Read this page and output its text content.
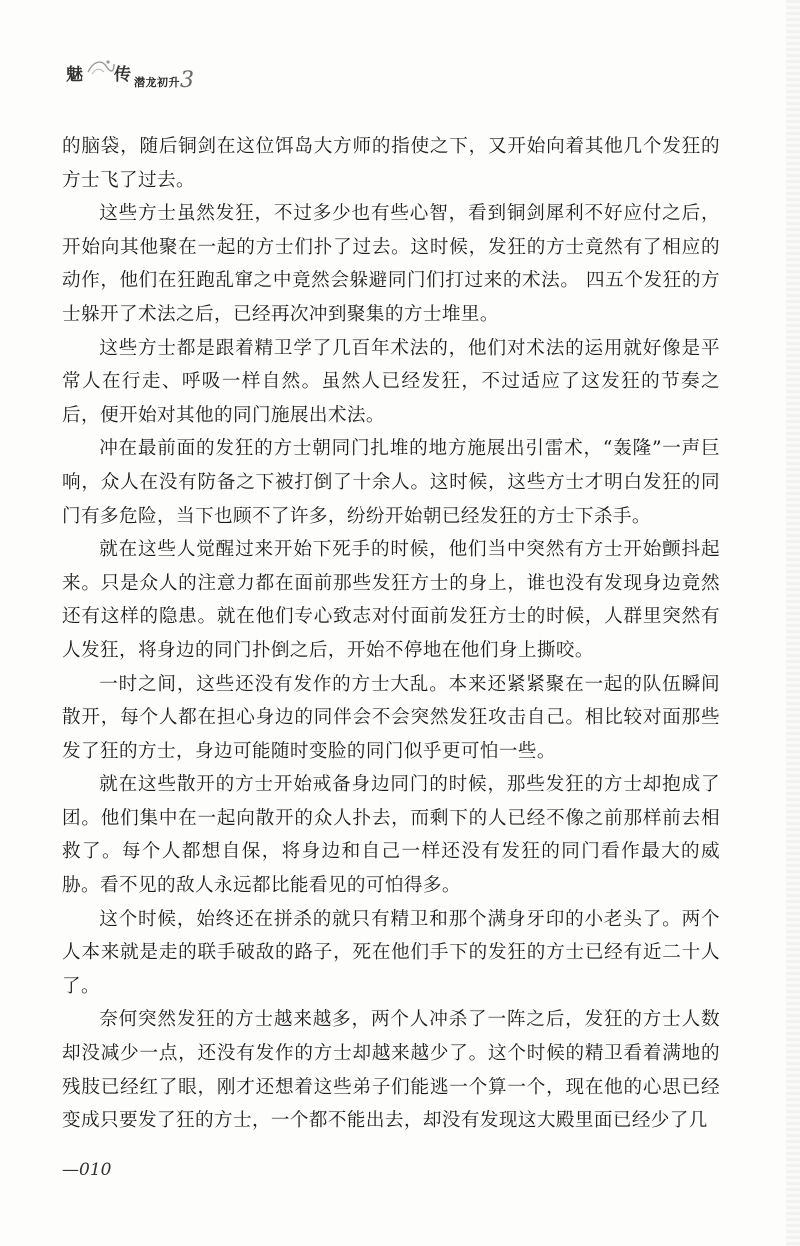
魅 传 潜龙初升 3

的脑袋，随后铜剑在这位饵岛大方师的指使之下，又开始向着其他几个发狂的方士飞了过去。

这些方士虽然发狂，不过多少也有些心智，看到铜剑犀利不好应付之后，开始向其他聚在一起的方士们扑了过去。这时候，发狂的方士竟然有了相应的动作，他们在狂跑乱窜之中竟然会躲避同门们打过来的术法。 四五个发狂的方士躲开了术法之后，已经再次冲到聚集的方士堆里。

这些方士都是跟着精卫学了几百年术法的，他们对术法的运用就好像是平常人在行走、呼吸一样自然。虽然人已经发狂，不过适应了这发狂的节奏之后，便开始对其他的同门施展出术法。

冲在最前面的发狂的方士朝同门扎堆的地方施展出引雷术，“轰隆”一声巨响，众人在没有防备之下被打倒了十余人。这时候，这些方士才明白发狂的同门有多危险，当下也顾不了许多，纷纷开始朝已经发狂的方士下杀手。

就在这些人觉醒过来开始下死手的时候，他们当中突然有方士开始颤抖起来。只是众人的注意力都在面前那些发狂方士的身上，谁也没有发现身边竟然还有这样的隐患。就在他们专心致志对付面前发狂方士的时候，人群里突然有人发狂，将身边的同门扑倒之后，开始不停地在他们身上撕咬。

一时之间，这些还没有发作的方士大乱。本来还紧紧聚在一起的队伍瞬间散开，每个人都在担心身边的同伴会不会突然发狂攻击自己。相比较对面那些发了狂的方士，身边可能随时变脸的同门似乎更可怕一些。

就在这些散开的方士开始戒备身边同门的时候，那些发狂的方士却抱成了团。他们集中在一起向散开的众人扑去，而剩下的人已经不像之前那样前去相救了。每个人都想自保，将身边和自己一样还没有发狂的同门看作最大的威胁。看不见的敌人永远都比能看见的可怕得多。

这个时候，始终还在拼杀的就只有精卫和那个满身牙印的小老头了。两个人本来就是走的联手破敌的路子，死在他们手下的发狂的方士已经有近二十人了。

奈何突然发狂的方士越来越多，两个人冲杀了一阵之后，发狂的方士人数却没减少一点，还没有发作的方士却越来越少了。这个时候的精卫看着满地的残肢已经红了眼，刚才还想着这些弟子们能逃一个算一个，现在他的心思已经变成只要发了狂的方士，一个都不能出去，却没有发现这大殿里面已经少了几

—010
